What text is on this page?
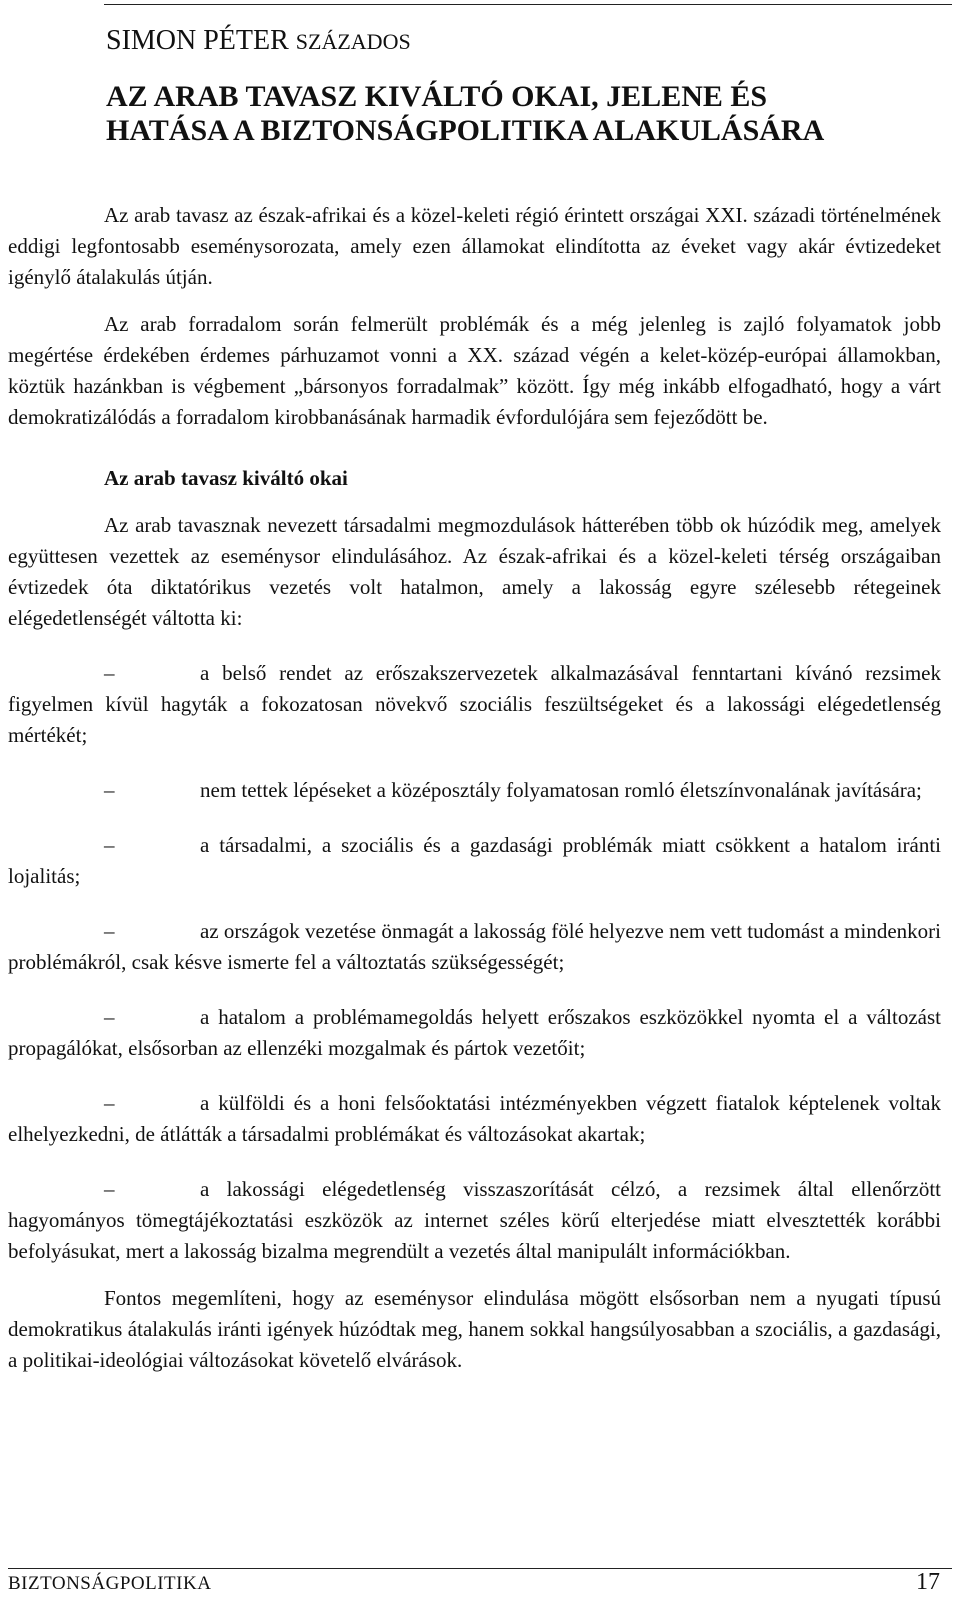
SIMON PÉTER SZÁZADOS
AZ ARAB TAVASZ KIVÁLTÓ OKAI, JELENE ÉS
HATÁSA A BIZTONSÁGPOLITIKA ALAKULÁSÁRA

Az arab tavasz az észak-afrikai és a közel-keleti régió érintett országai XXI. századi történelmének eddigi legfontosabb eseménysorozata, amely ezen államokat elindította az éveket vagy akár évtizedeket igénylő átalakulás útján.

Az arab forradalom során felmerült problémák és a még jelenleg is zajló folyamatok jobb megértése érdekében érdemes párhuzamot vonni a XX. század végén a kelet-közép-európai államokban, köztük hazánkban is végbement „bársonyos forradalmak” között. Így még inkább elfogadható, hogy a várt demokratizálódás a forradalom kirobbanásának harmadik évfordulójára sem fejeződött be.

Az arab tavasz kiváltó okai

Az arab tavasznak nevezett társadalmi megmozdulások hátterében több ok húzódik meg, amelyek együttesen vezettek az eseménysor elindulásához. Az észak-afrikai és a közel-keleti térség országaiban évtizedek óta diktatórikus vezetés volt hatalmon, amely a lakosság egyre szélesebb rétegeinek elégedetlenségét váltotta ki:

–	a belső rendet az erőszakszervezetek alkalmazásával fenntartani kívánó rezsimek figyelmen kívül hagyták a fokozatosan növekvő szociális feszültségeket és a lakossági elégedetlenség mértékét;

–	nem tettek lépéseket a középosztály folyamatosan romló életszínvonalának javítására;

–	a társadalmi, a szociális és a gazdasági problémák miatt csökkent a hatalom iránti lojalitás;

–	az országok vezetése önmagát a lakosság fölé helyezve nem vett tudomást a mindenkori problémákról, csak késve ismerte fel a változtatás szükségességét;

–	a hatalom a problémamegoldás helyett erőszakos eszközökkel nyomta el a változást propagálókat, elsősorban az ellenzéki mozgalmak és pártok vezetőit;

–	a külföldi és a honi felsőoktatási intézményekben végzett fiatalok képtelenek voltak elhelyezkedni, de átlátták a társadalmi problémákat és változásokat akartak;

–	a lakossági elégedetlenség visszaszorítását célzó, a rezsimek által ellenőrzött hagyományos tömegtájékoztatási eszközök az internet széles körű elterjedése miatt elvesztették korábbi befolyásukat, mert a lakosság bizalma megrendült a vezetés által manipulált információkban.

Fontos megemlíteni, hogy az eseménysor elindulása mögött elsősorban nem a nyugati típusú demokratikus átalakulás iránti igények húzódtak meg, hanem sokkal hangsúlyosabban a szociális, a gazdasági, a politikai-ideológiai változásokat követelő elvárások.

BIZTONSÁGPOLITIKA	17
